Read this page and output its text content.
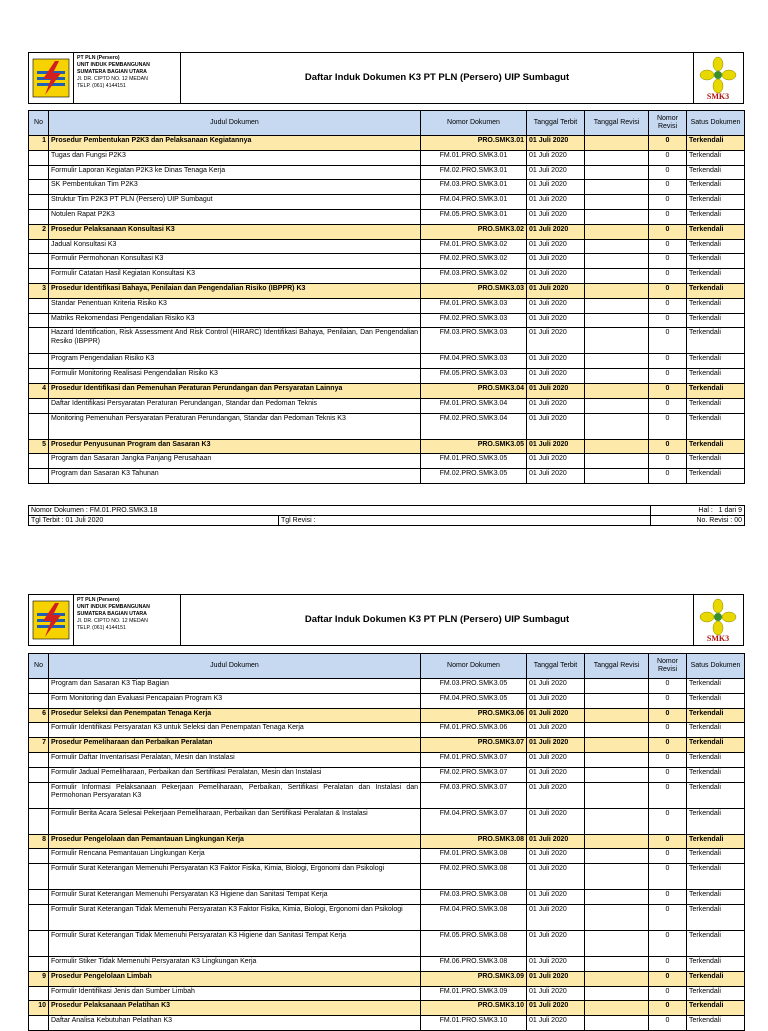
PT PLN (Persero)
UNIT INDUK PEMBANGUNAN
SUMATERA BAGIAN UTARA
Jl. DR. CIPTO NO. 12 MEDAN
TELP. (061) 4144151
Daftar Induk Dokumen K3 PT PLN (Persero) UIP Sumbagut
SMK3
No	Judul Dokumen	Nomor Dokumen	Tanggal Terbit	Tanggal Revisi	Nomor Revisi	Satus Dokumen
1	Prosedur Pembentukan P2K3 dan Pelaksanaan Kegiatannya	PRO.SMK3.01	01 Juli 2020		0	Terkendali
	Tugas dan Fungsi P2K3	FM.01.PRO.SMK3.01	01 Juli 2020		0	Terkendali
	Formulir Laporan Kegiatan P2K3 ke Dinas Tenaga Kerja	FM.02.PRO.SMK3.01	01 Juli 2020		0	Terkendali
	SK Pembentukan Tim P2K3	FM.03.PRO.SMK3.01	01 Juli 2020		0	Terkendali
	Struktur Tim P2K3 PT PLN (Persero) UIP Sumbagut	FM.04.PRO.SMK3.01	01 Juli 2020		0	Terkendali
	Notulen Rapat P2K3	FM.05.PRO.SMK3.01	01 Juli 2020		0	Terkendali
2	Prosedur Pelaksanaan Konsultasi K3	PRO.SMK3.02	01 Juli 2020		0	Terkendali
	Jadual Konsultasi K3	FM.01.PRO.SMK3.02	01 Juli 2020		0	Terkendali
	Formulir Permohonan Konsultasi K3	FM.02.PRO.SMK3.02	01 Juli 2020		0	Terkendali
	Formulir Catatan Hasil Kegiatan Konsultasi K3	FM.03.PRO.SMK3.02	01 Juli 2020		0	Terkendali
3	Prosedur Identifikasi Bahaya, Penilaian dan Pengendalian Risiko (IBPPR) K3	PRO.SMK3.03	01 Juli 2020		0	Terkendali
	Standar Penentuan Kriteria Risiko K3	FM.01.PRO.SMK3.03	01 Juli 2020		0	Terkendali
	Matriks Rekomendasi Pengendalian Risiko K3	FM.02.PRO.SMK3.03	01 Juli 2020		0	Terkendali
	Hazard Identification, Risk Assessment And Risk Control (HIRARC) Identifikasi Bahaya, Penilaian, Dan Pengendalian Resiko (IBPPR)	FM.03.PRO.SMK3.03	01 Juli 2020		0	Terkendali
	Program Pengendalian Risiko K3	FM.04.PRO.SMK3.03	01 Juli 2020		0	Terkendali
	Formulir Monitoring Realisasi Pengendalian Risiko K3	FM.05.PRO.SMK3.03	01 Juli 2020		0	Terkendali
4	Prosedur Identifikasi dan Pemenuhan Peraturan Perundangan dan Persyaratan Lainnya	PRO.SMK3.04	01 Juli 2020		0	Terkendali
	Daftar Identifikasi Persyaratan Peraturan Perundangan, Standar dan Pedoman Teknis	FM.01.PRO.SMK3.04	01 Juli 2020		0	Terkendali
	Monitoring Pemenuhan Persyaratan Peraturan Perundangan, Standar dan Pedoman Teknis K3	FM.02.PRO.SMK3.04	01 Juli 2020		0	Terkendali
5	Prosedur Penyusunan Program dan Sasaran K3	PRO.SMK3.05	01 Juli 2020		0	Terkendali
	Program dan Sasaran Jangka Panjang Perusahaan	FM.01.PRO.SMK3.05	01 Juli 2020		0	Terkendali
	Program dan Sasaran K3 Tahunan	FM.02.PRO.SMK3.05	01 Juli 2020		0	Terkendali
Nomor Dokumen : FM.01.PRO.SMK3.18		Hal : 1 dari 9
Tgl Terbit : 01 Juli 2020	Tgl Revisi :	No. Revisi : 00
PT PLN (Persero)
UNIT INDUK PEMBANGUNAN
SUMATERA BAGIAN UTARA
Jl. DR. CIPTO NO. 12 MEDAN
TELP. (061) 4144151
Daftar Induk Dokumen K3 PT PLN (Persero) UIP Sumbagut
SMK3
No	Judul Dokumen	Nomor Dokumen	Tanggal Terbit	Tanggal Revisi	Nomor Revisi	Satus Dokumen
	Program dan Sasaran K3 Tiap Bagian	FM.03.PRO.SMK3.05	01 Juli 2020		0	Terkendali
	Form Monitoring dan Evaluasi Pencapaian Program K3	FM.04.PRO.SMK3.05	01 Juli 2020		0	Terkendali
6	Prosedur Seleksi dan Penempatan Tenaga Kerja	PRO.SMK3.06	01 Juli 2020		0	Terkendali
	Formulir Identifikasi Persyaratan K3 untuk Seleksi dan Penempatan Tenaga Kerja	FM.01.PRO.SMK3.06	01 Juli 2020		0	Terkendali
7	Prosedur Pemeliharaan dan Perbaikan Peralatan	PRO.SMK3.07	01 Juli 2020		0	Terkendali
	Formulir Daftar Inventarisasi Peralatan, Mesin dan Instalasi	FM.01.PRO.SMK3.07	01 Juli 2020		0	Terkendali
	Formulir Jadual Pemeliharaan, Perbaikan dan Sertifikasi Peralatan, Mesin dan Instalasi	FM.02.PRO.SMK3.07	01 Juli 2020		0	Terkendali
	Formulir Informasi Pelaksanaan Pekerjaan Pemeliharaan, Perbaikan, Sertifikasi Peralatan dan Instalasi dan Permohonan Persyaratan K3	FM.03.PRO.SMK3.07	01 Juli 2020		0	Terkendali
	Formulir Berita Acara Selesai Pekerjaan Pemeliharaan, Perbaikan dan Sertifikasi Peralatan & Instalasi	FM.04.PRO.SMK3.07	01 Juli 2020		0	Terkendali
8	Prosedur Pengelolaan dan Pemantauan Lingkungan Kerja	PRO.SMK3.08	01 Juli 2020		0	Terkendali
	Formulir Rencana Pemantauan Lingkungan Kerja	FM.01.PRO.SMK3.08	01 Juli 2020		0	Terkendali
	Formulir Surat Keterangan Memenuhi Persyaratan K3 Faktor Fisika, Kimia, Biologi, Ergonomi dan Psikologi	FM.02.PRO.SMK3.08	01 Juli 2020		0	Terkendali
	Formulir Surat Keterangan Memenuhi Persyaratan K3 Higiene dan Sanitasi Tempat Kerja	FM.03.PRO.SMK3.08	01 Juli 2020		0	Terkendali
	Formulir Surat Keterangan Tidak Memenuhi Persyaratan K3 Faktor Fisika, Kimia, Biologi, Ergonomi dan Psikologi	FM.04.PRO.SMK3.08	01 Juli 2020		0	Terkendali
	Formulir Surat Keterangan Tidak Memenuhi Persyaratan K3 Higiene dan Sanitasi Tempat Kerja	FM.05.PRO.SMK3.08	01 Juli 2020		0	Terkendali
	Formulir Stiker Tidak Memenuhi Persyaratan K3 Lingkungan Kerja	FM.06.PRO.SMK3.08	01 Juli 2020		0	Terkendali
9	Prosedur Pengelolaan Limbah	PRO.SMK3.09	01 Juli 2020		0	Terkendali
	Formulir Identifikasi Jenis dan Sumber Limbah	FM.01.PRO.SMK3.09	01 Juli 2020		0	Terkendali
10	Prosedur Pelaksanaan Pelatihan K3	PRO.SMK3.10	01 Juli 2020		0	Terkendali
	Daftar Analisa Kebutuhan Pelatihan K3	FM.01.PRO.SMK3.10	01 Juli 2020		0	Terkendali
